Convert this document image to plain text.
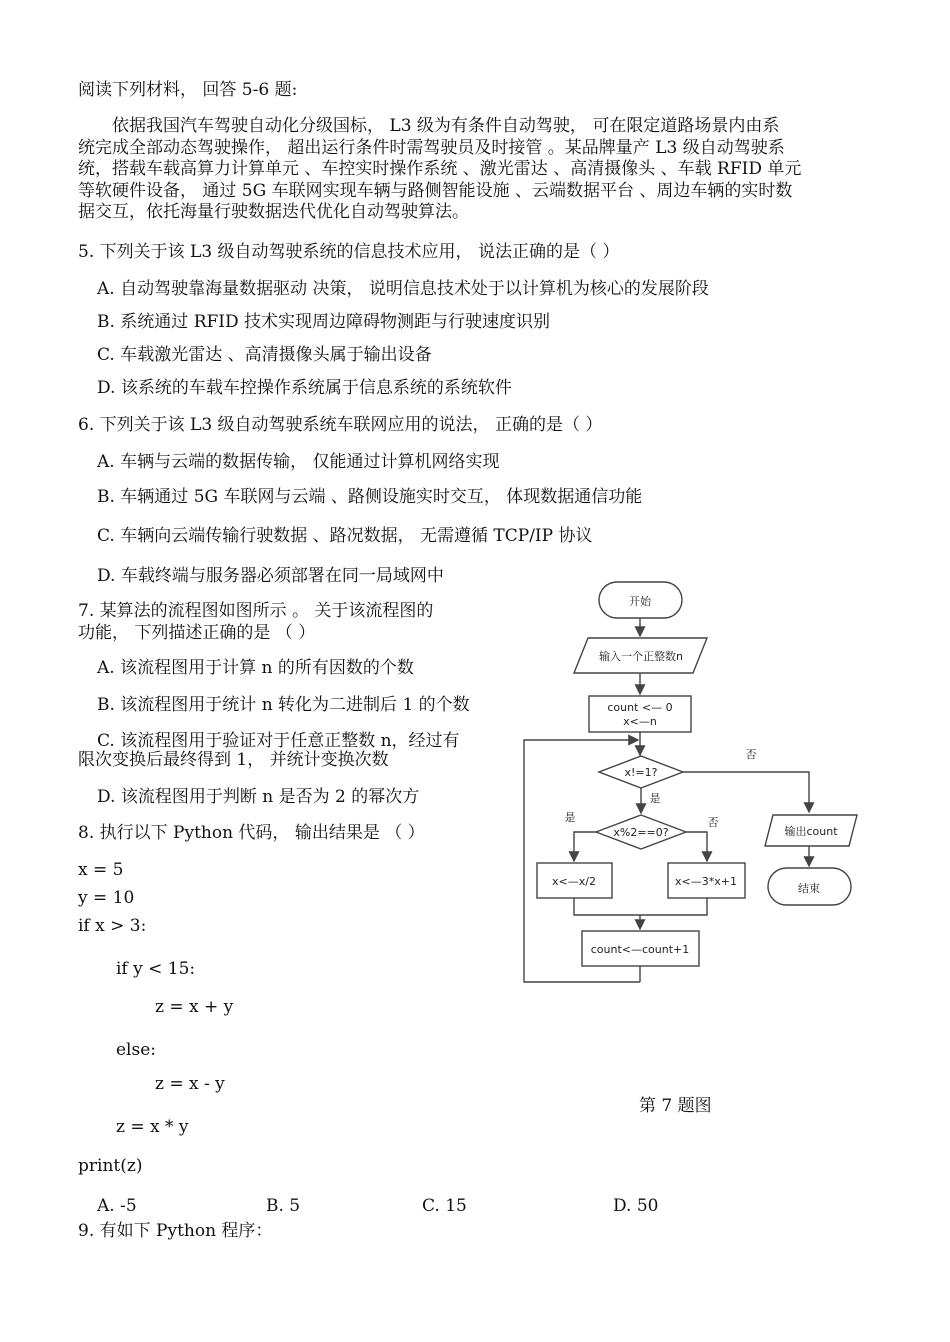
阅读下列材料， 回答 5-6 题:
　　依据我国汽车驾驶自动化分级国标， L3 级为有条件自动驾驶， 可在限定道路场景内由系
统完成全部动态驾驶操作， 超出运行条件时需驾驶员及时接管 。某品牌量产 L3 级自动驾驶系
统，搭载车载高算力计算单元 、车控实时操作系统 、激光雷达 、高清摄像头 、车载 RFID 单元
等软硬件设备， 通过 5G 车联网实现车辆与路侧智能设施 、云端数据平台 、周边车辆的实时数
据交互，依托海量行驶数据迭代优化自动驾驶算法。
5. 下列关于该 L3 级自动驾驶系统的信息技术应用， 说法正确的是（ ）
A. 自动驾驶靠海量数据驱动 决策， 说明信息技术处于以计算机为核心的发展阶段
B. 系统通过 RFID 技术实现周边障碍物测距与行驶速度识别
C. 车载激光雷达 、高清摄像头属于输出设备
D. 该系统的车载车控操作系统属于信息系统的系统软件
6. 下列关于该 L3 级自动驾驶系统车联网应用的说法， 正确的是（ ）
A. 车辆与云端的数据传输， 仅能通过计算机网络实现
B. 车辆通过 5G 车联网与云端 、路侧设施实时交互， 体现数据通信功能
C. 车辆向云端传输行驶数据 、路况数据， 无需遵循 TCP/IP 协议
D. 车载终端与服务器必须部署在同一局域网中
7. 某算法的流程图如图所示 。 关于该流程图的
功能， 下列描述正确的是 （ ）
A. 该流程图用于计算 n 的所有因数的个数
B. 该流程图用于统计 n 转化为二进制后 1 的个数
C. 该流程图用于验证对于任意正整数 n，经过有
限次变换后最终得到 1， 并统计变换次数
D. 该流程图用于判断 n 是否为 2 的幂次方
开始
输入一个正整数n
count <— 0
x<—n
x!=1?
否
输出count
结束
是
x%2==0?
是	否
x<—x/2	x<—3*x+1
count<—count+1
第 7 题图
8. 执行以下 Python 代码， 输出结果是 （ ）
x = 5
y = 10
if x > 3:
if y < 15:
z = x + y
else:
z = x - y
z = x * y
print(z)
A. -5	B. 5	C. 15	D. 50
9. 有如下 Python 程序：
